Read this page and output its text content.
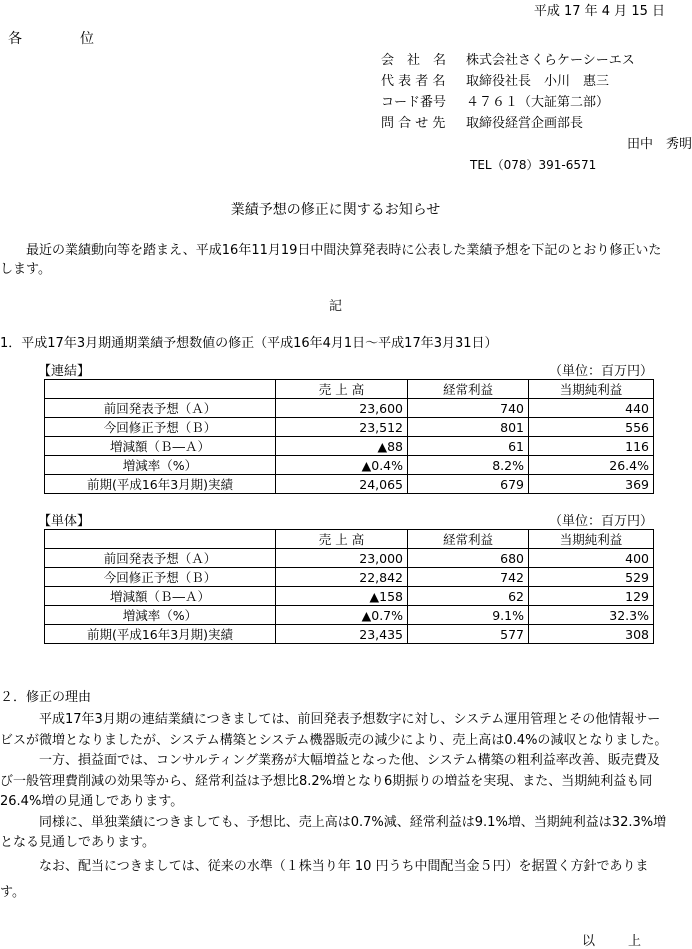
平成 17 年 4 月 15 日
各　　位
会　社　名	株式会社さくらケーシーエス
代 表 者 名	取締役社長　小川　惠三
コード番号	４７６１（大証第二部）
問 合 せ 先	取締役経営企画部長
　　　　　田中　秀明
TEL（078）391-6571
業績予想の修正に関するお知らせ
最近の業績動向等を踏まえ、平成16年11月19日中間決算発表時に公表した業績予想を下記のとおり修正いたします。
記
1．平成17年3月期通期業績予想数値の修正（平成16年4月1日～平成17年3月31日）
【連結】	（単位：百万円）
	売 上 高	経常利益	当期純利益
前回発表予想（Ａ）	23,600	740	440
今回修正予想（Ｂ）	23,512	801	556
増減額（Ｂ―Ａ）	▲88	61	116
増減率（%）	▲0.4%	8.2%	26.4%
前期(平成16年3月期)実績	24,065	679	369
【単体】	（単位：百万円）
	売 上 高	経常利益	当期純利益
前回発表予想（Ａ）	23,000	680	400
今回修正予想（Ｂ）	22,842	742	529
増減額（Ｂ―Ａ）	▲158	62	129
増減率（%）	▲0.7%	9.1%	32.3%
前期(平成16年3月期)実績	23,435	577	308
２．修正の理由

平成17年3月期の連結業績につきましては、前回発表予想数字に対し、システム運用管理とその他情報サービスが微増となりましたが、システム構築とシステム機器販売の減少により、売上高は0.4%の減収となりました。

一方、損益面では、コンサルティング業務が大幅増益となった他、システム構築の粗利益率改善、販売費及び一般管理費削減の効果等から、経常利益は予想比8.2%増となり6期振りの増益を実現、また、当期純利益も同26.4%増の見通しであります。

同様に、単独業績につきましても、予想比、売上高は0.7%減、経常利益は9.1%増、当期純利益は32.3%増となる見通しであります。

なお、配当につきましては、従来の水準（１株当り年 10 円うち中間配当金５円）を据置く方針であります。

以　上
